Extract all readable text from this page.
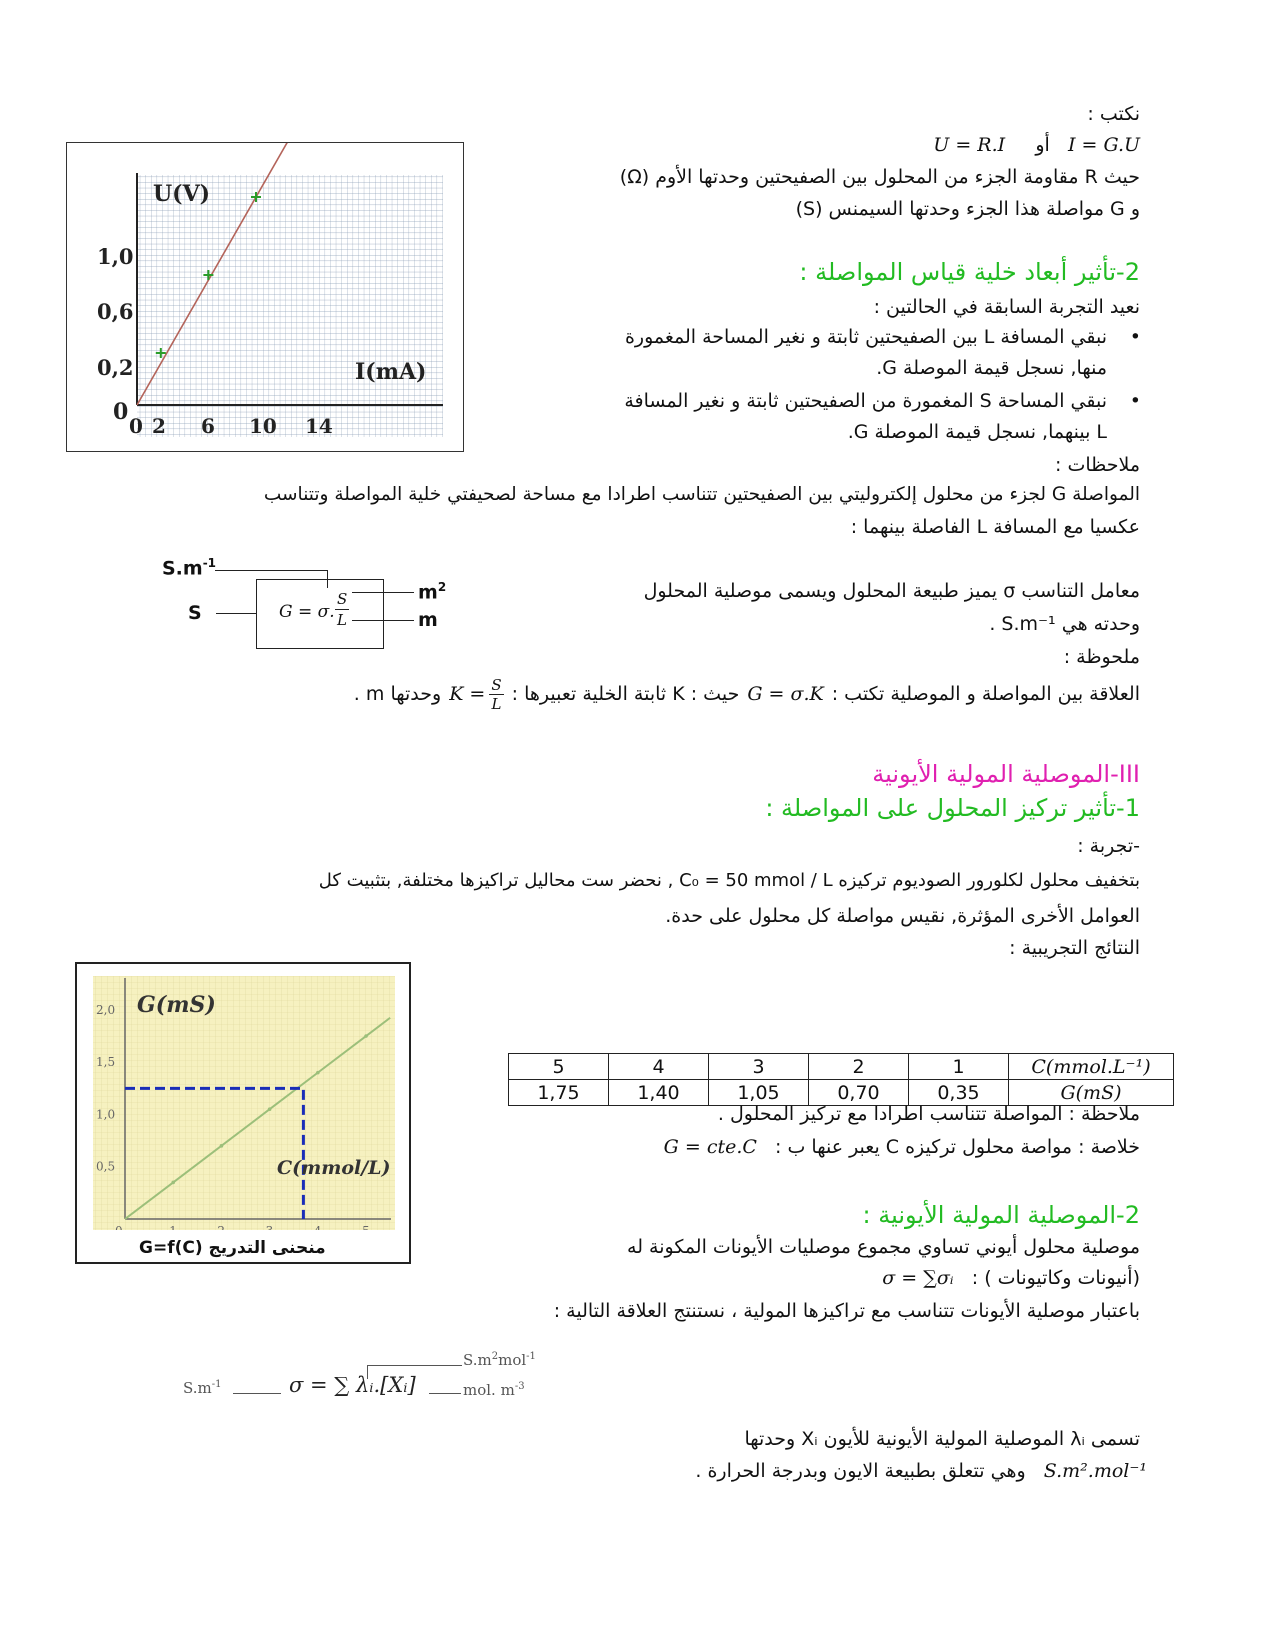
نكتب :
I = G.U   أو     U = R.I
حيث R مقاومة الجزء من المحلول بين الصفيحتين وحدتها الأوم (Ω)
و G مواصلة هذا الجزء وحدتها السيمنس (S)
U(V)
I(mA)
1,0
0,6
0,2
0
0 2 6 10 14
2-تأثير أبعاد خلية قياس المواصلة :
نعيد التجربة السابقة في الحالتين :
• نبقي المسافة L بين الصفيحتين ثابتة و نغير المساحة المغمورة
منها, نسجل قيمة الموصلة G.
• نبقي المساحة S المغمورة من الصفيحتين ثابتة و نغير المسافة
L بينهما, نسجل قيمة الموصلة G.
ملاحظات :
المواصلة G لجزء من محلول إلكتروليتي بين الصفيحتين تتناسب اطرادا مع مساحة لصحيفتي خلية المواصلة وتتناسب
عكسيا مع المسافة L الفاصلة بينهما :
$S.m^{-1}$
S	G = σ.
S
L
$m^2$
m
معامل التناسب σ يميز طبيعة المحلول ويسمى موصلية المحلول
وحدته هي S.m⁻¹ .
ملحوظة :
العلاقة بين المواصلة و الموصلية تكتب :
G = σ.K
حيث : K ثابتة الخلية تعبيرها :
$K = \frac{S}{L}$
وحدتها m .
III-الموصلية المولية الأيونية
1-تأثير تركيز المحلول على المواصلة :
-تجربة :
بتخفيف محلول لكلورور الصوديوم تركيزه C₀ = 50 mmol / L , نحضر ست محاليل تراكيزها مختلفة, بتثبيت كل
العوامل الأخرى المؤثرة, نقيس مواصلة كل محلول على حدة.
النتائج التجريبية :
2,0
1,5
1,0
0,5
G(mS)
C(mmol/L)
G=f(C) منحنى التدريج
5	4	3	2	1	C(mmol.L⁻¹)
1,75	1,40	1,05	0,70	0,35	G(mS)
ملاحظة : المواصلة تتناسب اطرادا مع تركيز المحلول .
خلاصة : مواصة محلول تركيزه C يعبر عنها ب :   G = cte.C
2-الموصلية المولية الأيونية :
موصلية محلول أيوني تساوي مجموع موصليات الأيونات المكونة له
(أنيونات وكاتيونات ) :   σ = ∑σᵢ
باعتبار موصلية الأيونات تتناسب مع تراكيزها المولية ، نستنتج العلاقة التالية :
$S.m^{-1}$	σ = ∑ λᵢ.[Xᵢ]
$S.m^2mol^{-1}$
mol. $m^{-3}$
تسمى λᵢ الموصلية المولية الأيونية للأيون Xᵢ وحدتها
S.m².mol⁻¹   وهي تتعلق بطبيعة الايون وبدرجة الحرارة .
